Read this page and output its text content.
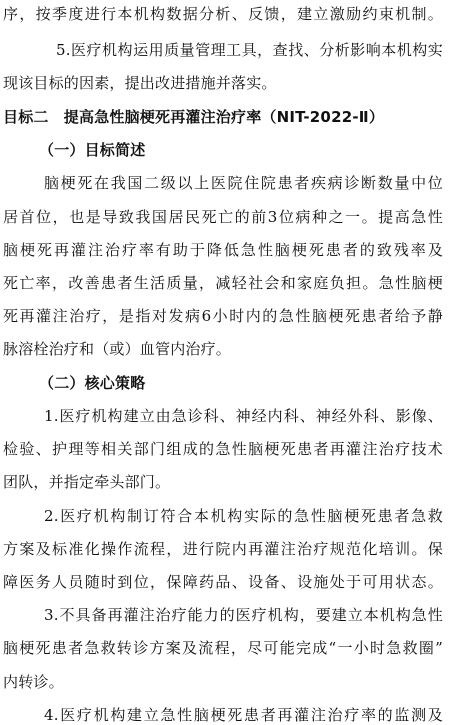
序，按季度进行本机构数据分析、反馈，建立激励约束机制。
5.医疗机构运用质量管理工具，查找、分析影响本机构实
现该目标的因素，提出改进措施并落实。
目标二　提高急性脑梗死再灌注治疗率（NIT-2022-Ⅱ）
（一）目标简述
脑梗死在我国二级以上医院住院患者疾病诊断数量中位
居首位，也是导致我国居民死亡的前3位病种之一。提高急性
脑梗死再灌注治疗率有助于降低急性脑梗死患者的致残率及
死亡率，改善患者生活质量，减轻社会和家庭负担。急性脑梗
死再灌注治疗，是指对发病6小时内的急性脑梗死患者给予静
脉溶栓治疗和（或）血管内治疗。
（二）核心策略
1.医疗机构建立由急诊科、神经内科、神经外科、影像、
检验、护理等相关部门组成的急性脑梗死患者再灌注治疗技术
团队，并指定牵头部门。
2.医疗机构制订符合本机构实际的急性脑梗死患者急救
方案及标准化操作流程，进行院内再灌注治疗规范化培训。保
障医务人员随时到位，保障药品、设备、设施处于可用状态。
3.不具备再灌注治疗能力的医疗机构，要建立本机构急性
脑梗死患者急救转诊方案及流程，尽可能完成“一小时急救圈”
内转诊。
4.医疗机构建立急性脑梗死患者再灌注治疗率的监测及
